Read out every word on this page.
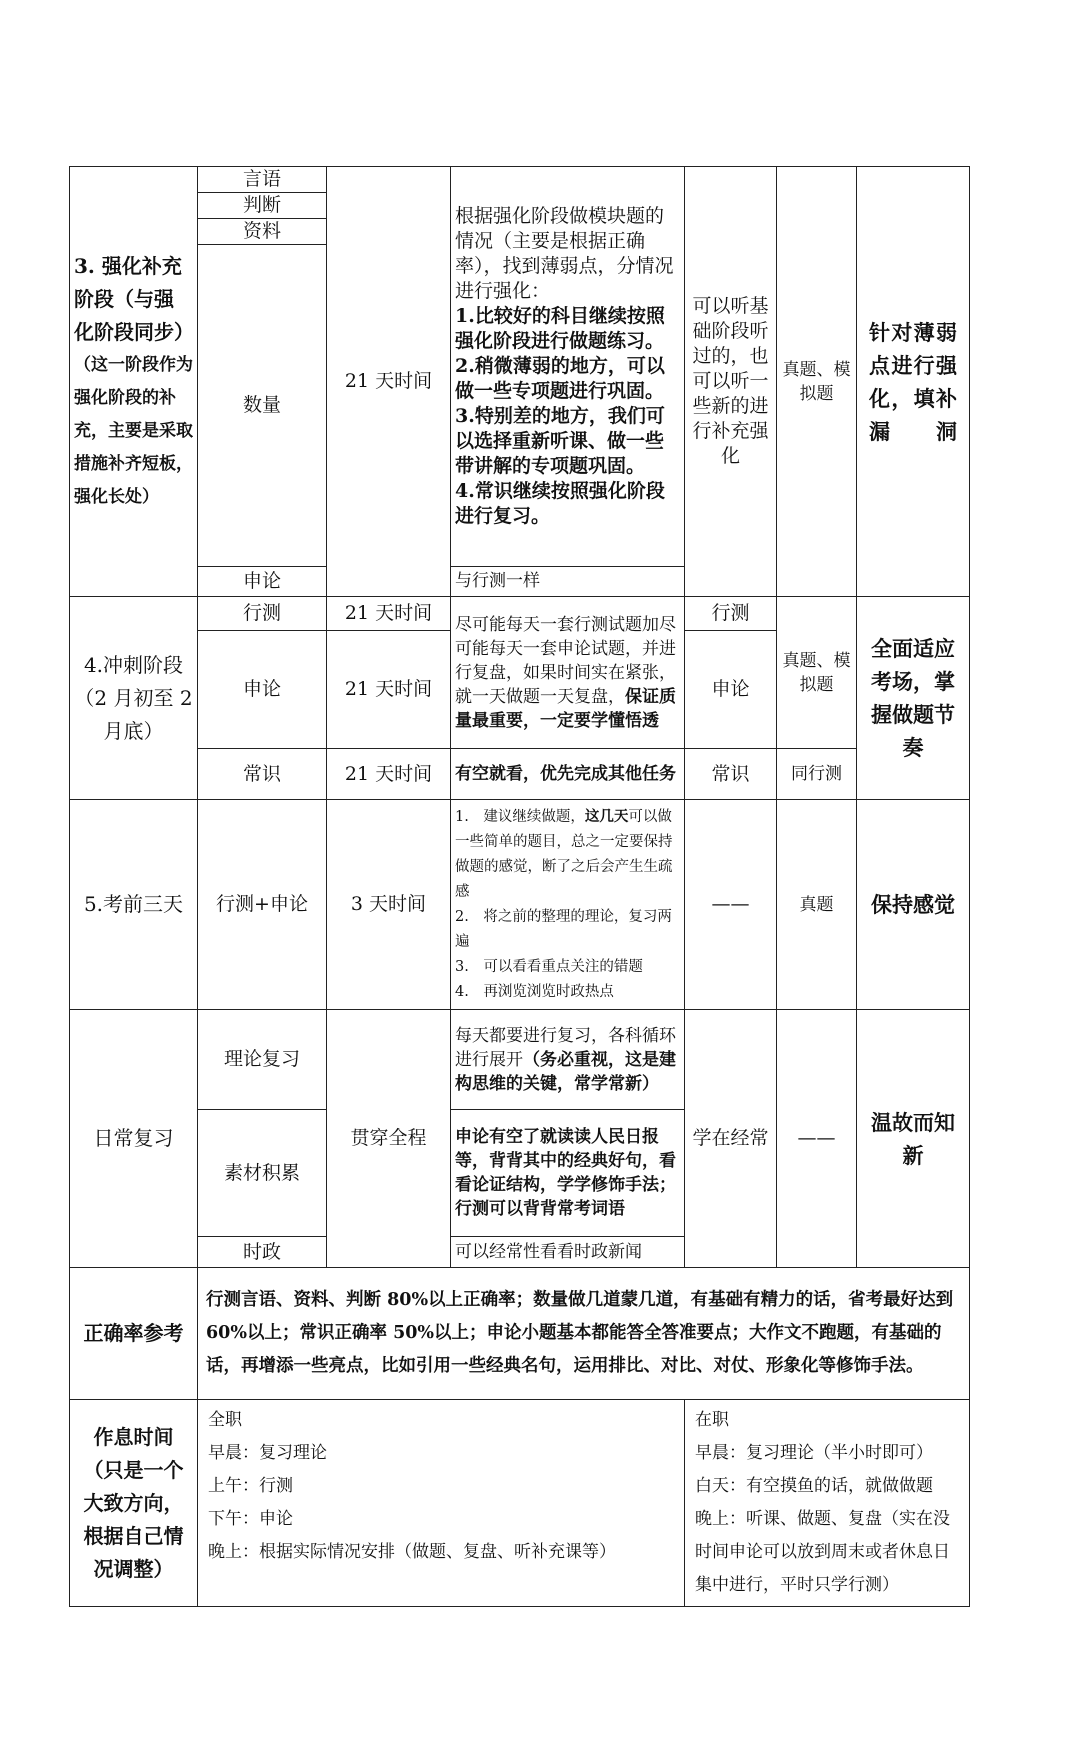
3. 强化补充阶段（与强化阶段同步）
（这一阶段作为强化阶段的补充，主要是采取措施补齐短板，强化长处）	言语	21 天时间	根据强化阶段做模块题的情况（主要是根据正确率），找到薄弱点，分情况进行强化：
1.比较好的科目继续按照强化阶段进行做题练习。
2.稍微薄弱的地方，可以做一些专项题进行巩固。
3.特别差的地方，我们可以选择重新听课、做一些带讲解的专项题巩固。
4.常识继续按照强化阶段进行复习。	可以听基础阶段听过的，也可以听一些新的进行补充强化	真题、模拟题	针对薄弱点进行强化，填补漏洞
	判断					
	资料					
	数量					
	申论		与行测一样			
4.冲刺阶段（2 月初至 2 月底）	行测	21 天时间	尽可能每天一套行测试题加尽可能每天一套申论试题，并进行复盘，如果时间实在紧张，就一天做题一天复盘，保证质量最重要，一定要学懂悟透	行测	真题、模拟题	全面适应考场，掌握做题节奏
	申论	21 天时间		申论		
	常识	21 天时间	有空就看，优先完成其他任务	常识	同行测	
5.考前三天	行测+申论	3 天时间	1.　建议继续做题，这几天可以做一些简单的题目，总之一定要保持做题的感觉，断了之后会产生生疏感
2.　将之前的整理的理论，复习两遍
3.　可以看看重点关注的错题
4.　再浏览浏览时政热点	——	真题	保持感觉
日常复习	理论复习	贯穿全程	每天都要进行复习，各科循环进行展开（务必重视，这是建构思维的关键，常学常新）	学在经常	——	温故而知新
	素材积累		申论有空了就读读人民日报等，背背其中的经典好句，看看论证结构，学学修饰手法；行测可以背背常考词语			
	时政		可以经常性看看时政新闻			
正确率参考	行测言语、资料、判断 80%以上正确率；数量做几道蒙几道，有基础有精力的话，省考最好达到 60%以上；常识正确率 50%以上；申论小题基本都能答全答准要点；大作文不跑题，有基础的话，再增添一些亮点，比如引用一些经典名句，运用排比、对比、对仗、形象化等修饰手法。					
作息时间（只是一个大致方向，根据自己情况调整）	全职
早晨：复习理论
上午：行测
下午：申论
晚上：根据实际情况安排（做题、复盘、听补充课等）			在职
早晨：复习理论（半小时即可）
白天：有空摸鱼的话，就做做题
晚上：听课、做题、复盘（实在没时间申论可以放到周末或者休息日集中进行，平时只学行测）		
